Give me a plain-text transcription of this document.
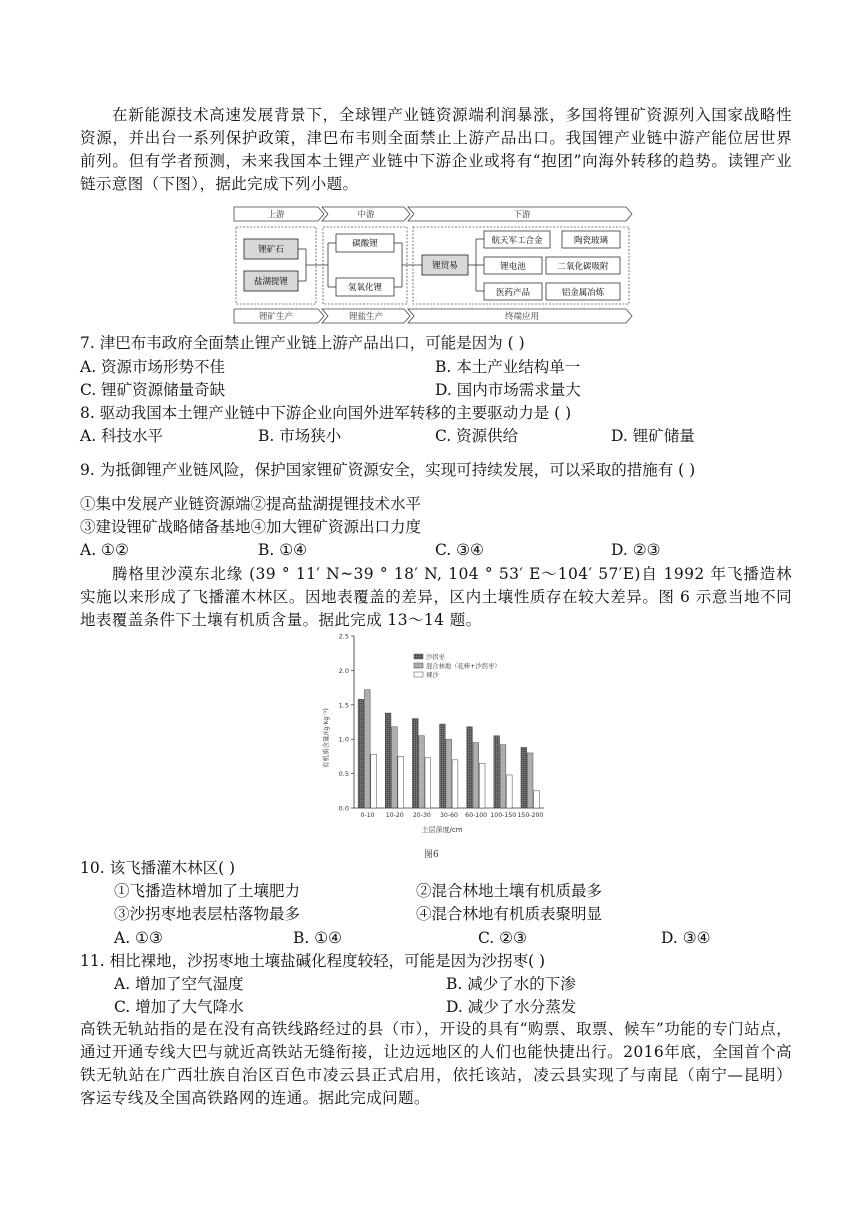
在新能源技术高速发展背景下，全球锂产业链资源端利润暴涨，多国将锂矿资源列入国家战略性资源，并出台一系列保护政策，津巴布韦则全面禁止上游产品出口。我国锂产业链中游产能位居世界前列。但有学者预测，未来我国本土锂产业链中下游企业或将有“抱团”向海外转移的趋势。读锂产业链示意图（下图），据此完成下列小题。
上游	中游	下游
锂矿石
盐湖提锂
碳酸锂
氢氧化锂
锂贸易
航天军工合金	陶瓷玻璃
锂电池	二氧化碳吸附
医药产品	铝金属冶炼
锂矿生产	锂盐生产	终端应用
7. 津巴布韦政府全面禁止锂产业链上游产品出口，可能是因为 ( )
A. 资源市场形势不佳	B. 本土产业结构单一
C. 锂矿资源储量奇缺	D. 国内市场需求量大
8. 驱动我国本土锂产业链中下游企业向国外进军转移的主要驱动力是 ( )
A. 科技水平	B. 市场狭小	C. 资源供给	D. 锂矿储量
9. 为抵御锂产业链风险，保护国家锂矿资源安全，实现可持续发展，可以采取的措施有 ( )
①集中发展产业链资源端②提高盐湖提锂技术水平
③建设锂矿战略储备基地④加大锂矿资源出口力度
A. ①②	B. ①④	C. ③④	D. ②③
腾格里沙漠东北缘 (39 ° 11′ N~39 ° 18′ N, 104 ° 53′ E～104′ 57′E)自 1992 年飞播造林实施以来形成了飞播灌木林区。因地表覆盖的差异，区内土壤性质存在较大差异。图 6 示意当地不同地表覆盖条件下土壤有机质含量。据此完成 13～14 题。
0.0
0.5
1.0
1.5
2.0
2.5
0-10 10-20 20-30 30-60 60-100 100-150 150-200
沙拐枣
混合林地（花棒+沙拐枣）
裸沙
土层深度/cm
有机质含量/(g·kg⁻¹)
图6
10. 该飞播灌木林区( )
①飞播造林增加了土壤肥力	②混合林地土壤有机质最多
③沙拐枣地表层枯落物最多	④混合林地有机质表聚明显
A. ①③	B. ①④	C. ②③	D. ③④
11. 相比裸地，沙拐枣地土壤盐碱化程度较轻，可能是因为沙拐枣( )
A. 增加了空气湿度	B. 减少了水的下渗
C. 增加了大气降水	D. 减少了水分蒸发
高铁无轨站指的是在没有高铁线路经过的县（市），开设的具有“购票、取票、候车”功能的专门站点，通过开通专线大巴与就近高铁站无缝衔接，让边远地区的人们也能快捷出行。2016年底，全国首个高铁无轨站在广西壮族自治区百色市凌云县正式启用，依托该站，凌云县实现了与南昆（南宁—昆明）客运专线及全国高铁路网的连通。据此完成问题。
